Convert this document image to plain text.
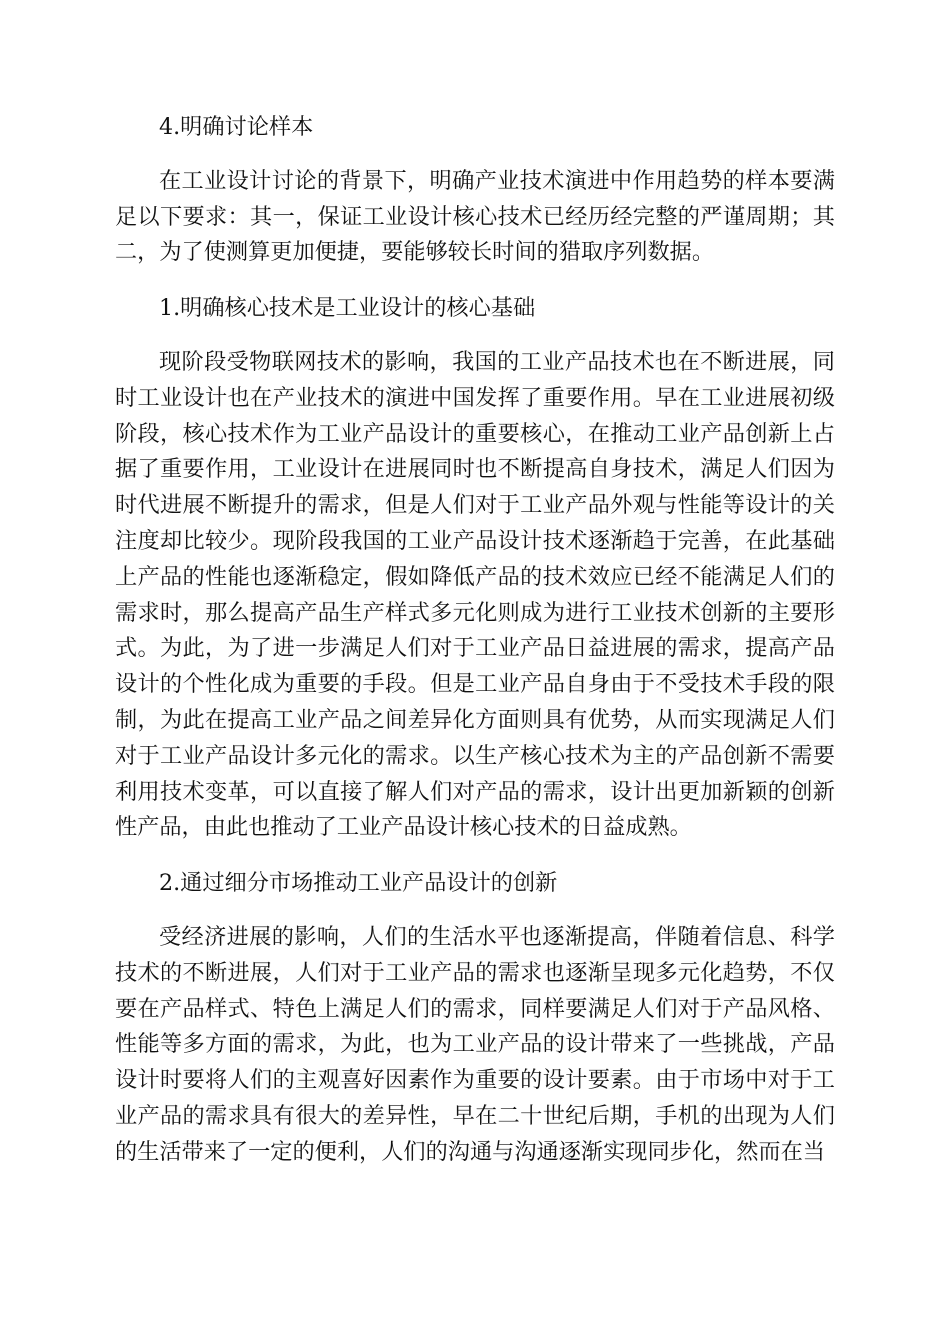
4.明确讨论样本

在工业设计讨论的背景下，明确产业技术演进中作用趋势的样本要满足以下要求：其一，保证工业设计核心技术已经历经完整的严谨周期；其二，为了使测算更加便捷，要能够较长时间的猎取序列数据。

1.明确核心技术是工业设计的核心基础

现阶段受物联网技术的影响，我国的工业产品技术也在不断进展，同时工业设计也在产业技术的演进中国发挥了重要作用。早在工业进展初级阶段，核心技术作为工业产品设计的重要核心，在推动工业产品创新上占据了重要作用，工业设计在进展同时也不断提高自身技术，满足人们因为时代进展不断提升的需求，但是人们对于工业产品外观与性能等设计的关注度却比较少。现阶段我国的工业产品设计技术逐渐趋于完善，在此基础上产品的性能也逐渐稳定，假如降低产品的技术效应已经不能满足人们的需求时，那么提高产品生产样式多元化则成为进行工业技术创新的主要形式。为此，为了进一步满足人们对于工业产品日益进展的需求，提高产品设计的个性化成为重要的手段。但是工业产品自身由于不受技术手段的限制，为此在提高工业产品之间差异化方面则具有优势，从而实现满足人们对于工业产品设计多元化的需求。以生产核心技术为主的产品创新不需要利用技术变革，可以直接了解人们对产品的需求，设计出更加新颖的创新性产品，由此也推动了工业产品设计核心技术的日益成熟。

2.通过细分市场推动工业产品设计的创新

受经济进展的影响，人们的生活水平也逐渐提高，伴随着信息、科学技术的不断进展，人们对于工业产品的需求也逐渐呈现多元化趋势，不仅要在产品样式、特色上满足人们的需求，同样要满足人们对于产品风格、性能等多方面的需求，为此，也为工业产品的设计带来了一些挑战，产品设计时要将人们的主观喜好因素作为重要的设计要素。由于市场中对于工业产品的需求具有很大的差异性，早在二十世纪后期，手机的出现为人们的生活带来了一定的便利，人们的沟通与沟通逐渐实现同步化，然而在当
